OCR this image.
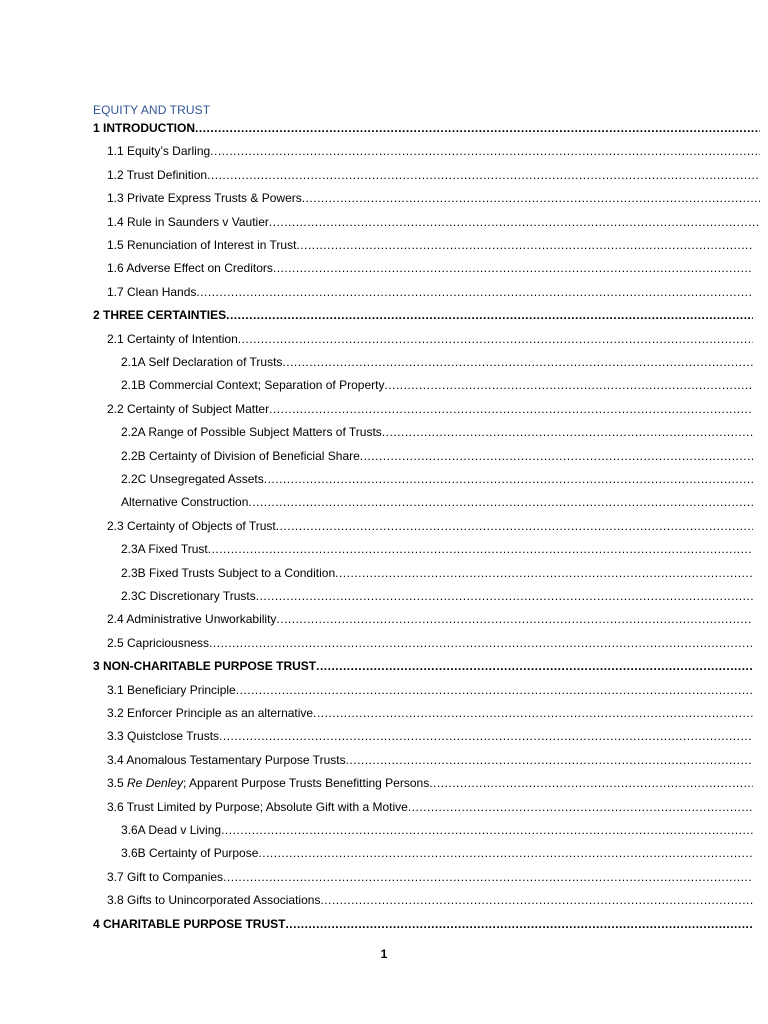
EQUITY AND TRUST
1 INTRODUCTION
.....
1.1 Equity’s Darling
.....
1.2 Trust Definition
.....
1.3 Private Express Trusts & Powers
.....
1.4 Rule in Saunders v Vautier
.....
1.5 Renunciation of Interest in Trust
.....
1.6 Adverse Effect on Creditors
.....
1.7 Clean Hands
.....
2 THREE CERTAINTIES
.....
2.1 Certainty of Intention
.....
2.1A Self Declaration of Trusts
.....
2.1B Commercial Context; Separation of Property
.....
2.2 Certainty of Subject Matter
.....
2.2A Range of Possible Subject Matters of Trusts
.....
2.2B Certainty of Division of Beneficial Share
.....
2.2C Unsegregated Assets
.....
Alternative Construction
.....
2.3 Certainty of Objects of Trust
.....
2.3A Fixed Trust
.....
2.3B Fixed Trusts Subject to a Condition
.....
2.3C Discretionary Trusts
.....
2.4 Administrative Unworkability
.....
2.5 Capriciousness
.....
3 NON-CHARITABLE PURPOSE TRUST
.....
3.1 Beneficiary Principle
.....
3.2 Enforcer Principle as an alternative
.....
3.3 Quistclose Trusts
.....
3.4 Anomalous Testamentary Purpose Trusts
.....
3.5 Re Denley; Apparent Purpose Trusts Benefitting Persons
.....
3.6 Trust Limited by Purpose; Absolute Gift with a Motive
.....
3.6A Dead v Living
.....
3.6B Certainty of Purpose
.....
3.7 Gift to Companies
.....
3.8 Gifts to Unincorporated Associations
.....
4 CHARITABLE PURPOSE TRUST
.....
1
